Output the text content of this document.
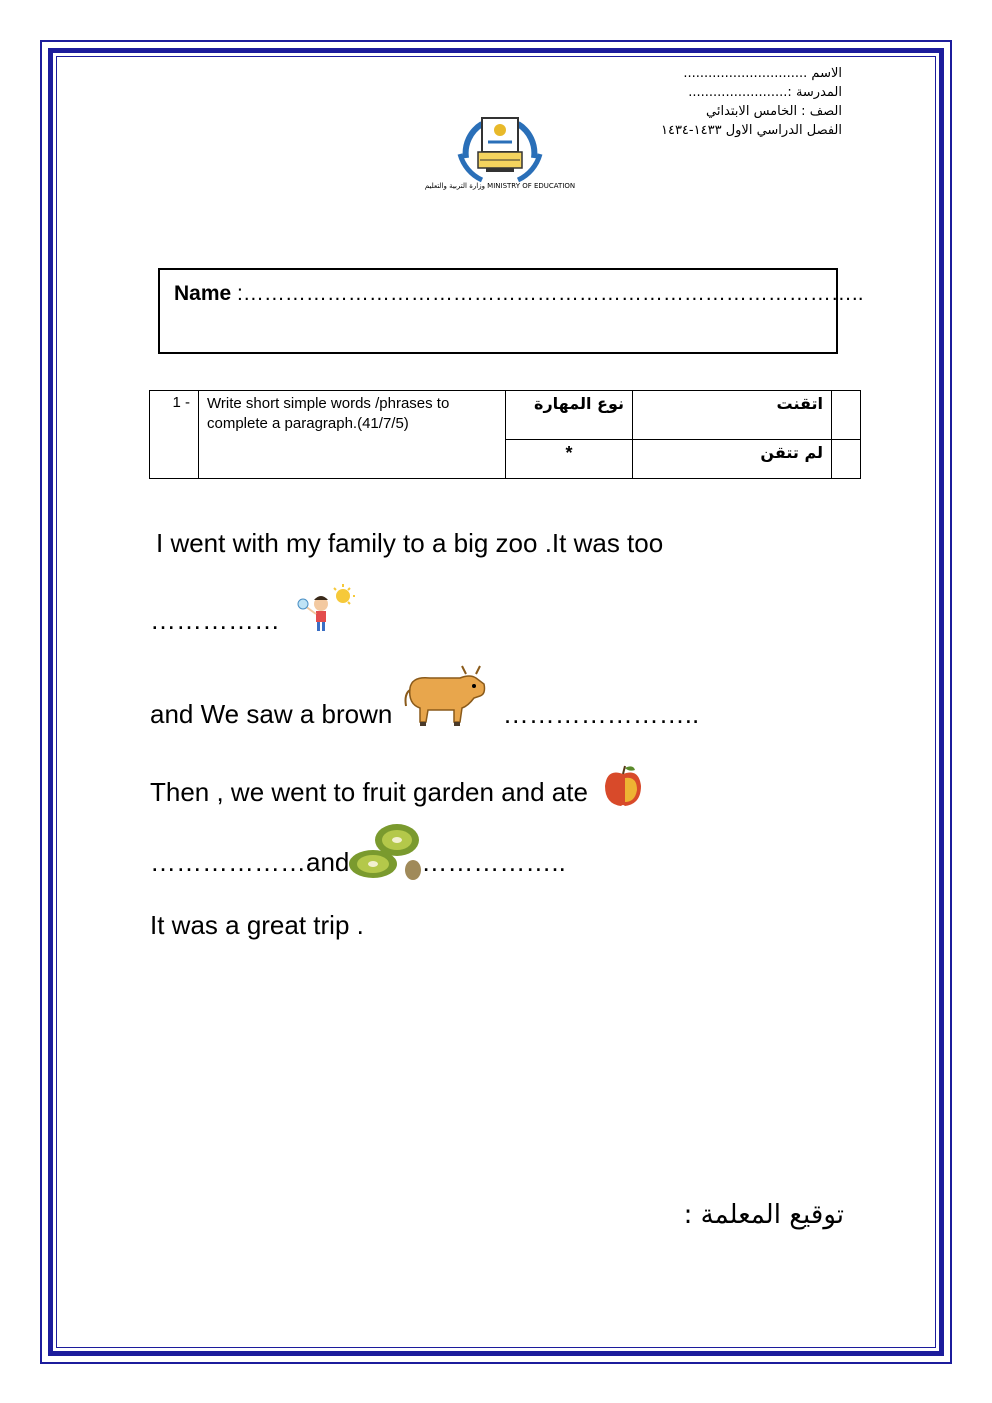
الاسم ..............................
المدرسة :........................
الصف : الخامس الابتدائي
الفصل الدراسي الاول ١٤٣٣-١٤٣٤
وزارة التربية والتعليم MINISTRY OF EDUCATION
Name :……………………………………………………………………………..
1 -	Write short simple words /phrases to complete a paragraph.(41/7/5)	نوع المهارة	اتقنت	
		*	لم تتقن	
I went with my family to a big zoo .It was too
……………
and We saw a brown	…………………..
Then , we went to fruit garden and ate
………………and	……………..
It was a great trip .
توقيع المعلمة :
